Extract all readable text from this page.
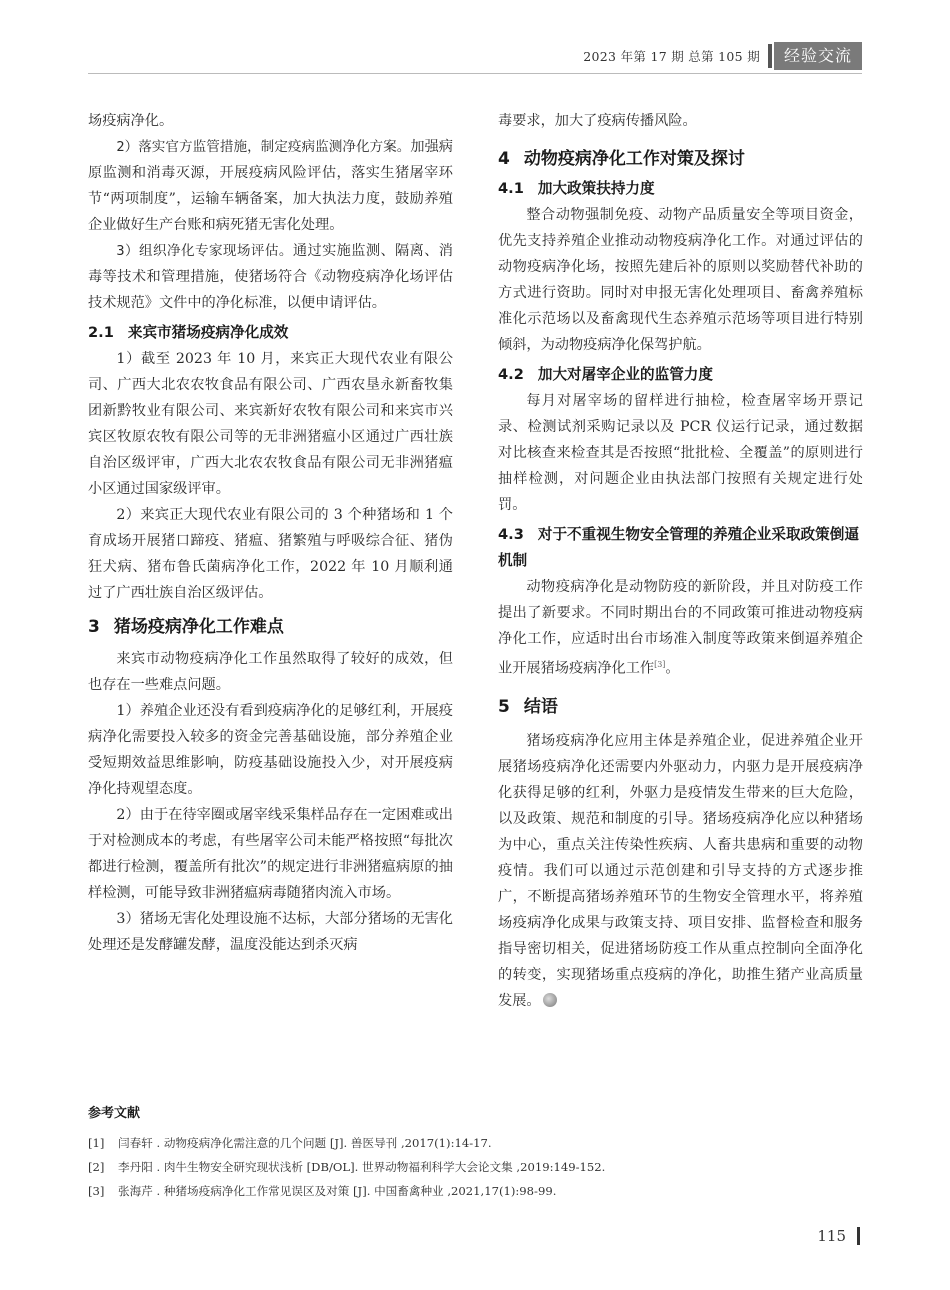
2023 年第 17 期 总第 105 期	经验交流

场疫病净化。

2）落实官方监管措施，制定疫病监测净化方案。加强病原监测和消毒灭源，开展疫病风险评估，落实生猪屠宰环节“两项制度”，运输车辆备案，加大执法力度，鼓励养殖企业做好生产台账和病死猪无害化处理。

3）组织净化专家现场评估。通过实施监测、隔离、消毒等技术和管理措施，使猪场符合《动物疫病净化场评估技术规范》文件中的净化标准，以便申请评估。

2.1 来宾市猪场疫病净化成效

1）截至 2023 年 10 月，来宾正大现代农业有限公司、广西大北农农牧食品有限公司、广西农垦永新畜牧集团新黔牧业有限公司、来宾新好农牧有限公司和来宾市兴宾区牧原农牧有限公司等的无非洲猪瘟小区通过广西壮族自治区级评审，广西大北农农牧食品有限公司无非洲猪瘟小区通过国家级评审。

2）来宾正大现代农业有限公司的 3 个种猪场和 1 个育成场开展猪口蹄疫、猪瘟、猪繁殖与呼吸综合征、猪伪狂犬病、猪布鲁氏菌病净化工作，2022 年 10 月顺利通过了广西壮族自治区级评估。

3 猪场疫病净化工作难点

来宾市动物疫病净化工作虽然取得了较好的成效，但也存在一些难点问题。

1）养殖企业还没有看到疫病净化的足够红利，开展疫病净化需要投入较多的资金完善基础设施，部分养殖企业受短期效益思维影响，防疫基础设施投入少，对开展疫病净化持观望态度。

2）由于在待宰圈或屠宰线采集样品存在一定困难或出于对检测成本的考虑，有些屠宰公司未能严格按照“每批次都进行检测，覆盖所有批次”的规定进行非洲猪瘟病原的抽样检测，可能导致非洲猪瘟病毒随猪肉流入市场。

3）猪场无害化处理设施不达标，大部分猪场的无害化处理还是发酵罐发酵，温度没能达到杀灭病

毒要求，加大了疫病传播风险。

4 动物疫病净化工作对策及探讨

4.1 加大政策扶持力度

整合动物强制免疫、动物产品质量安全等项目资金，优先支持养殖企业推动动物疫病净化工作。对通过评估的动物疫病净化场，按照先建后补的原则以奖励替代补助的方式进行资助。同时对申报无害化处理项目、畜禽养殖标准化示范场以及畜禽现代生态养殖示范场等项目进行特别倾斜，为动物疫病净化保驾护航。

4.2 加大对屠宰企业的监管力度

每月对屠宰场的留样进行抽检，检查屠宰场开票记录、检测试剂采购记录以及 PCR 仪运行记录，通过数据对比核查来检查其是否按照“批批检、全覆盖”的原则进行抽样检测，对问题企业由执法部门按照有关规定进行处罚。

4.3 对于不重视生物安全管理的养殖企业采取政策倒逼机制

动物疫病净化是动物防疫的新阶段，并且对防疫工作提出了新要求。不同时期出台的不同政策可推进动物疫病净化工作，应适时出台市场准入制度等政策来倒逼养殖企业开展猪场疫病净化工作[3]。

5 结语

猪场疫病净化应用主体是养殖企业，促进养殖企业开展猪场疫病净化还需要内外驱动力，内驱力是开展疫病净化获得足够的红利，外驱力是疫情发生带来的巨大危险，以及政策、规范和制度的引导。猪场疫病净化应以种猪场为中心，重点关注传染性疾病、人畜共患病和重要的动物疫情。我们可以通过示范创建和引导支持的方式逐步推广，不断提高猪场养殖环节的生物安全管理水平，将养殖场疫病净化成果与政策支持、项目安排、监督检查和服务指导密切相关，促进猪场防疫工作从重点控制向全面净化的转变，实现猪场重点疫病的净化，助推生猪产业高质量发展。

参考文献

[1] 闫春轩 . 动物疫病净化需注意的几个问题 [J]. 兽医导刊 ,2017(1):14-17.

[2] 李丹阳 . 肉牛生物安全研究现状浅析 [DB/OL]. 世界动物福利科学大会论文集 ,2019:149-152.

[3] 张海芹 . 种猪场疫病净化工作常见误区及对策 [J]. 中国畜禽种业 ,2021,17(1):98-99.

115
